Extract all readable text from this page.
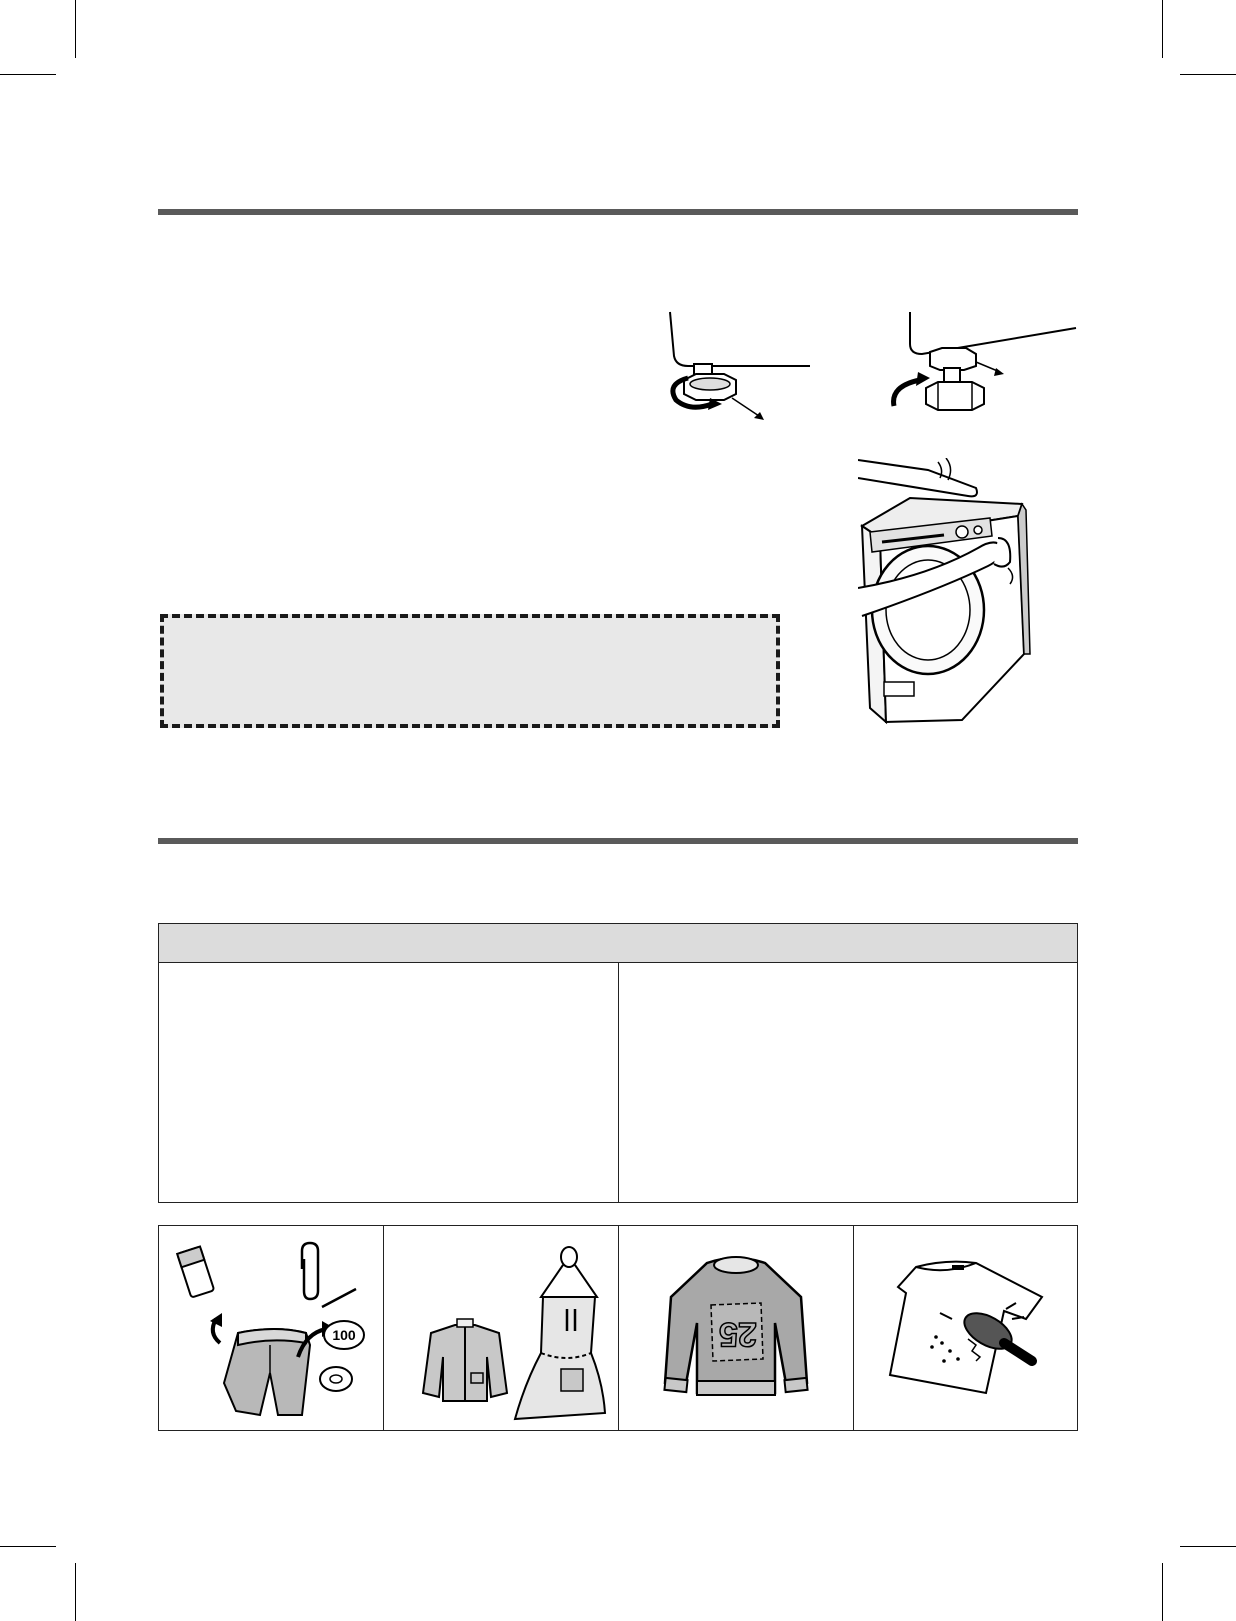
100		25
